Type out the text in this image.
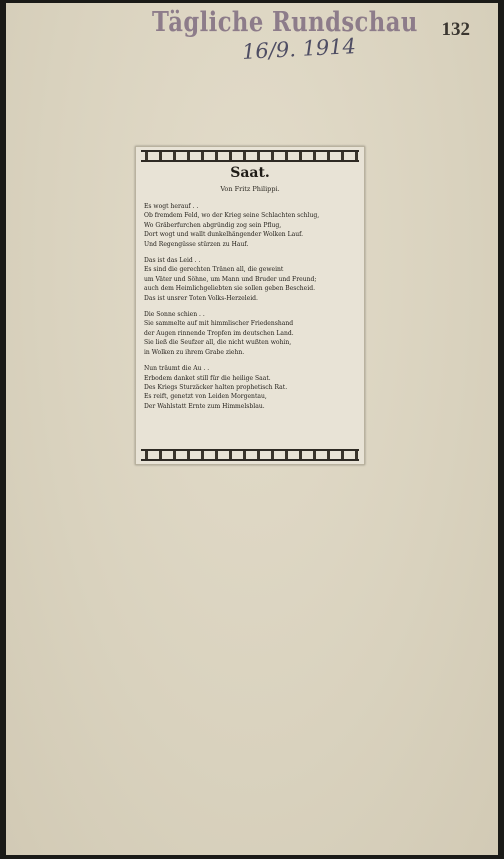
Tägliche Rundschau 132
16/9. 1914
Saat.
Von Fritz Philippi.
Es wogt herauf . .
Ob fremdem Feld, wo der Krieg seine Schlachten schlug,
Wo Gräberfurchen abgründig zog sein Pflug,
Dort wogt und wallt dunkelhängender Wolken Lauf.
Und Regengüsse stürzen zu Hauf.
Das ist das Leid . .
Es sind die gerechten Tränen all, die geweint
um Väter und Söhne, um Mann und Bruder und Freund;
auch dem Heimlichgeliebten sie sollen geben Bescheid.
Das ist unsrer Toten Volks-Herzeleid.
Die Sonne schien . .
Sie sammelte auf mit himmlischer Friedenshand
der Augen rinnende Tropfen im deutschen Land.
Sie ließ die Seufzer all, die nicht wußten wohin,
in Wolken zu ihrem Grabe ziehn.
Nun träumt die Au . .
Erbodem danket still für die heilige Saat.
Des Kriegs Sturzäcker halten prophetisch Rat.
Es reift, genetzt von Leiden Morgentau,
Der Wahlstatt Ernte zum Himmelsblau.
